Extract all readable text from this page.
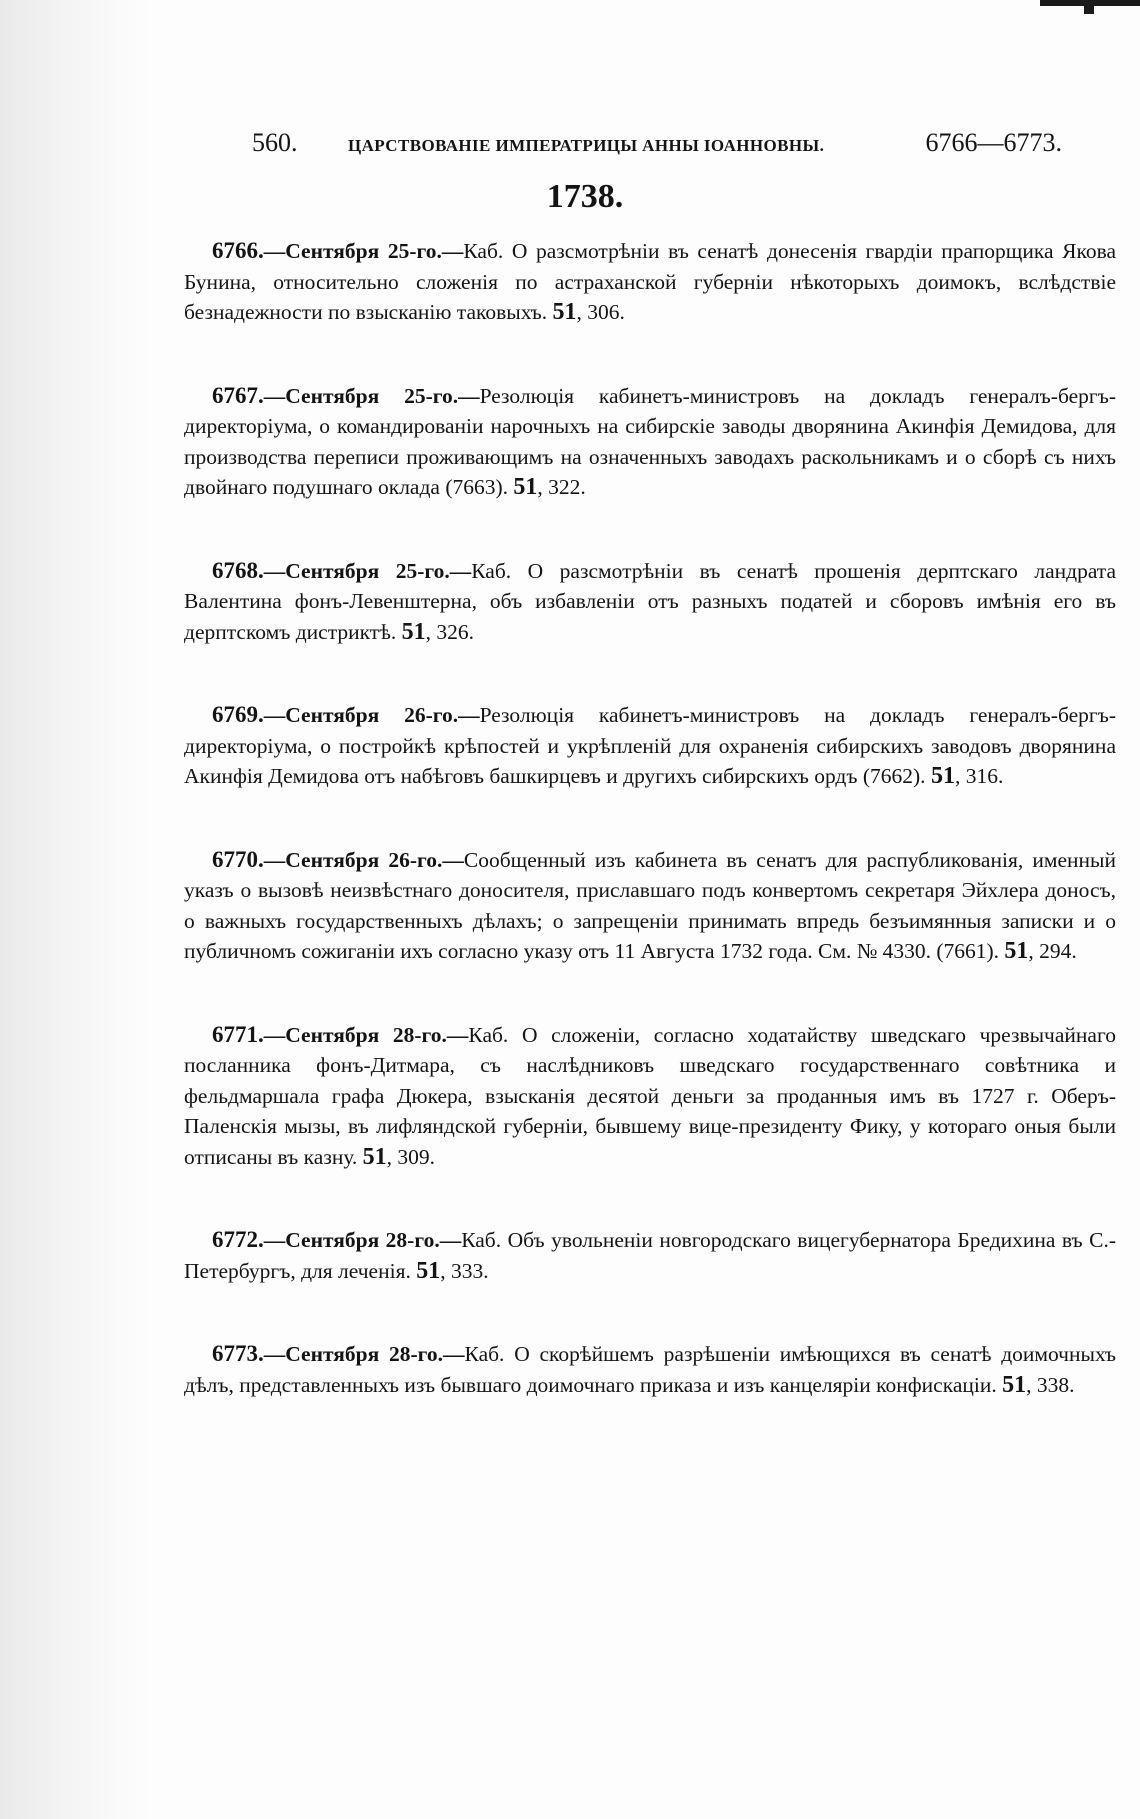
560.	ЦАРСТВОВАНІЕ ИМПЕРАТРИЦЫ АННЫ ІОАННОВНЫ.	6766—6773.
1738.

6766.—Сентября 25-го.—Каб. О разсмотрѣніи въ сенатѣ донесенія гвардіи прапорщика Якова Бунина, относительно сложенія по астраханской губерніи нѣкоторыхъ доимокъ, вслѣдствіе безнадежности по взысканію таковыхъ. 51, 306.

6767.—Сентября 25-го.—Резолюція кабинетъ-министровъ на докладъ генералъ-бергъ-директоріума, о командированіи нарочныхъ на сибирскіе заводы дворянина Акинфія Демидова, для производства переписи проживающимъ на означенныхъ заводахъ раскольникамъ и о сборѣ съ нихъ двойнаго подушнаго оклада (7663). 51, 322.

6768.—Сентября 25-го.—Каб. О разсмотрѣніи въ сенатѣ прошенія дерптскаго ландрата Валентина фонъ-Левенштерна, объ избавленіи отъ разныхъ податей и сборовъ имѣнія его въ дерптскомъ дистриктѣ. 51, 326.

6769.—Сентября 26-го.—Резолюція кабинетъ-министровъ на докладъ генералъ-бергъ-директоріума, о постройкѣ крѣпостей и укрѣпленій для охраненія сибирскихъ заводовъ дворянина Акинфія Демидова отъ набѣговъ башкирцевъ и другихъ сибирскихъ ордъ (7662). 51, 316.

6770.—Сентября 26-го.—Сообщенный изъ кабинета въ сенатъ для распубликованія, именный указъ о вызовѣ неизвѣстнаго доносителя, приславшаго подъ конвертомъ секретаря Эйхлера доносъ, о важныхъ государственныхъ дѣлахъ; о запрещеніи принимать впредь безъимянныя записки и о публичномъ сожиганіи ихъ согласно указу отъ 11 Августа 1732 года. См. № 4330. (7661). 51, 294.

6771.—Сентября 28-го.—Каб. О сложеніи, согласно ходатайству шведскаго чрезвычайнаго посланника фонъ-Дитмара, съ наслѣдниковъ шведскаго государственнаго совѣтника и фельдмаршала графа Дюкера, взысканія десятой деньги за проданныя имъ въ 1727 г. Оберъ-Паленскія мызы, въ лифляндской губерніи, бывшему вице-президенту Фику, у котораго оныя были отписаны въ казну. 51, 309.

6772.—Сентября 28-го.—Каб. Объ увольненіи новгородскаго вицегубернатора Бредихина въ С.-Петербургъ, для леченія. 51, 333.

6773.—Сентября 28-го.—Каб. О скорѣйшемъ разрѣшеніи имѣющихся въ сенатѣ доимочныхъ дѣлъ, представленныхъ изъ бывшаго доимочнаго приказа и изъ канцеляріи конфискаціи. 51, 338.
